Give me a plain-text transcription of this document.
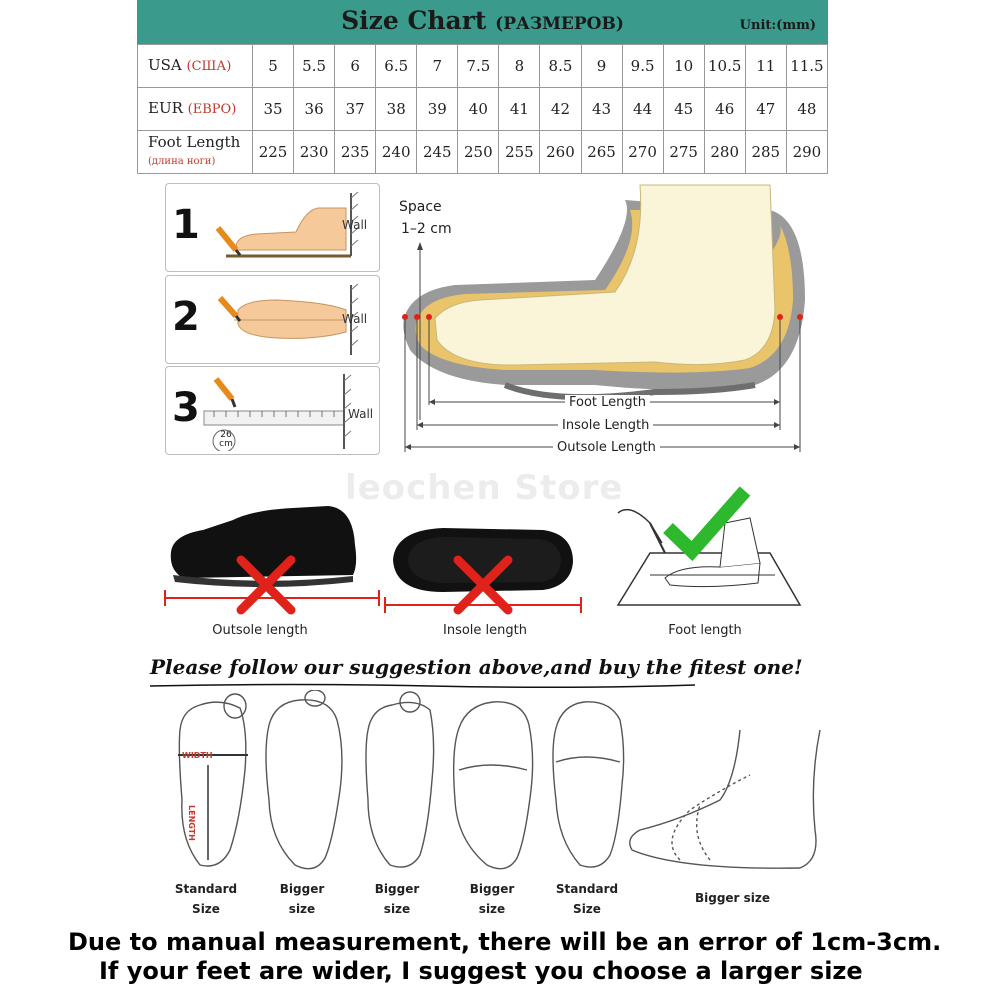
Size Chart (РАЗМЕРОВ)	Unit:(mm)
USA (США)	5	5.5	6	6.5	7	7.5	8	8.5	9	9.5	10	10.5	11	11.5
EUR (ЕВРО)	35	36	37	38	39	40	41	42	43	44	45	46	47	48
Foot Length
(длина ноги)	225	230	235	240	245	250	255	260	265	270	275	280	285	290
1	Wall
2	Wall
3
26
cm
Wall
Space
1–2 cm
Foot Length
Insole Length
Outsole Length
leochen Store
Outsole length	Insole length	Foot length
Please follow our suggestion above,and buy the fitest one!
WIDTH
LENGTH
Standard
Size
Bigger
size
Bigger
size
Bigger
size
Standard
Size
Bigger size
Due to manual measurement, there will be an error of 1cm-3cm.
If your feet are wider, I suggest you choose a larger size
